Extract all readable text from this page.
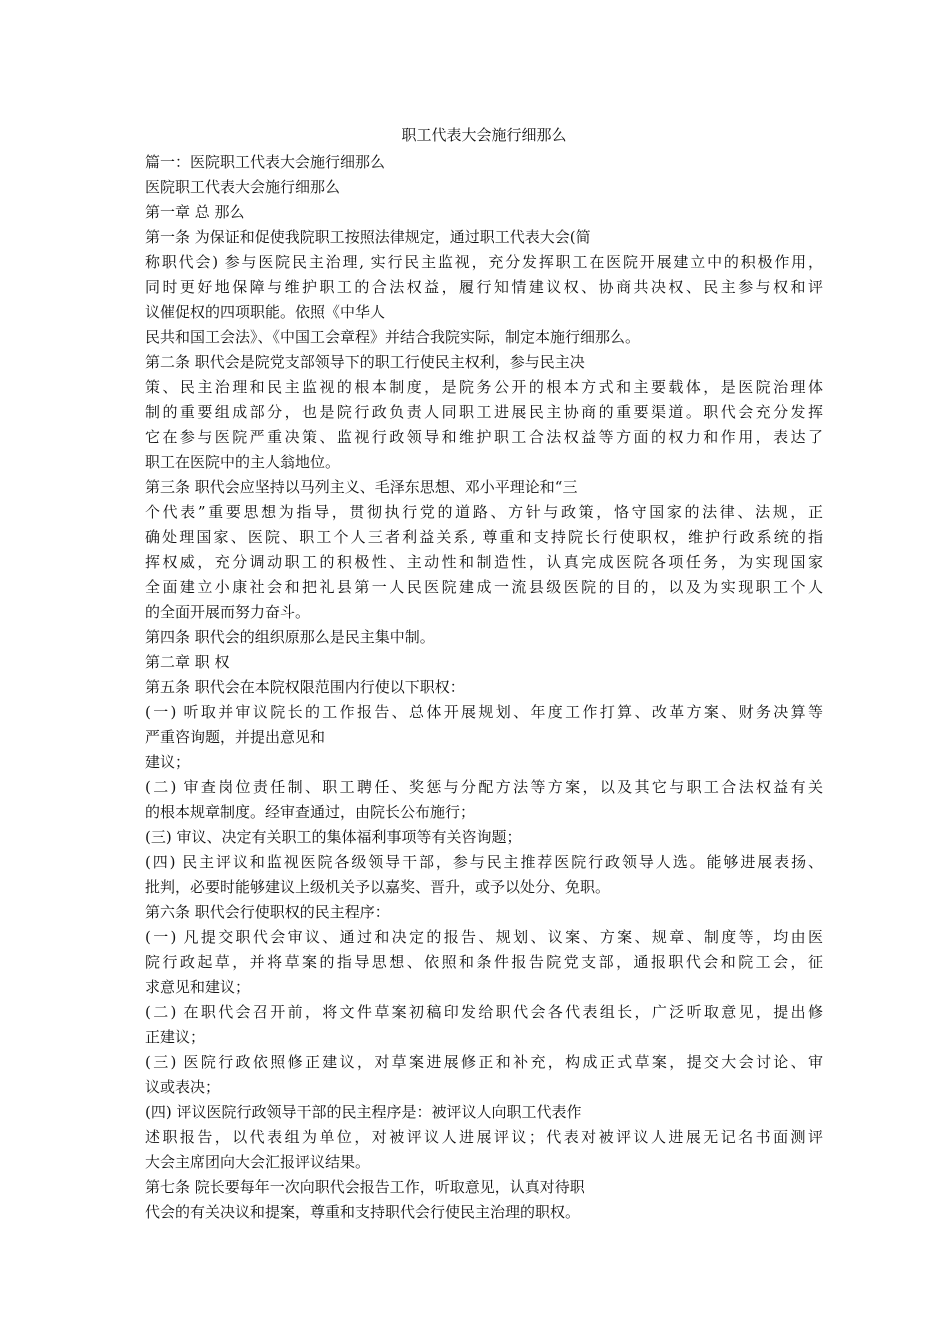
职工代表大会施行细那么
篇一：医院职工代表大会施行细那么
医院职工代表大会施行细那么
第一章 总 那么
第一条 为保证和促使我院职工按照法律规定，通过职工代表大会(简
称职代会) 参与医院民主治理, 实行民主监视，充分发挥职工在医院开展建立中的积极作用，
同时更好地保障与维护职工的合法权益，履行知情建议权、协商共决权、民主参与权和评
议催促权的四项职能。依照《中华人
民共和国工会法》、《中国工会章程》并结合我院实际，制定本施行细那么。
第二条 职代会是院党支部领导下的职工行使民主权利，参与民主决
策、民主治理和民主监视的根本制度，是院务公开的根本方式和主要载体，是医院治理体
制的重要组成部分，也是院行政负责人同职工进展民主协商的重要渠道。职代会充分发挥
它在参与医院严重决策、监视行政领导和维护职工合法权益等方面的权力和作用，表达了
职工在医院中的主人翁地位。
第三条 职代会应坚持以马列主义、毛泽东思想、邓小平理论和“三
个代表”重要思想为指导，贯彻执行党的道路、方针与政策，恪守国家的法律、法规，正
确处理国家、医院、职工个人三者利益关系, 尊重和支持院长行使职权，维护行政系统的指
挥权威，充分调动职工的积极性、主动性和制造性，认真完成医院各项任务，为实现国家
全面建立小康社会和把礼县第一人民医院建成一流县级医院的目的，以及为实现职工个人
的全面开展而努力奋斗。
第四条 职代会的组织原那么是民主集中制。
第二章 职 权
第五条 职代会在本院权限范围内行使以下职权：
(一) 听取并审议院长的工作报告、总体开展规划、年度工作打算、改革方案、财务决算等
严重咨询题，并提出意见和
建议；
(二) 审查岗位责任制、职工聘任、奖惩与分配方法等方案，以及其它与职工合法权益有关
的根本规章制度。经审查通过，由院长公布施行；
(三) 审议、决定有关职工的集体福利事项等有关咨询题；
(四) 民主评议和监视医院各级领导干部，参与民主推荐医院行政领导人选。能够进展表扬、
批判，必要时能够建议上级机关予以嘉奖、晋升，或予以处分、免职。
第六条 职代会行使职权的民主程序：
(一) 凡提交职代会审议、通过和决定的报告、规划、议案、方案、规章、制度等，均由医
院行政起草，并将草案的指导思想、依照和条件报告院党支部，通报职代会和院工会，征
求意见和建议；
(二) 在职代会召开前，将文件草案初稿印发给职代会各代表组长，广泛听取意见，提出修
正建议；
(三) 医院行政依照修正建议，对草案进展修正和补充，构成正式草案，提交大会讨论、审
议或表决；
(四) 评议医院行政领导干部的民主程序是：被评议人向职工代表作
述职报告，以代表组为单位，对被评议人进展评议；代表对被评议人进展无记名书面测评
大会主席团向大会汇报评议结果。
第七条 院长要每年一次向职代会报告工作，听取意见，认真对待职
代会的有关决议和提案，尊重和支持职代会行使民主治理的职权。
